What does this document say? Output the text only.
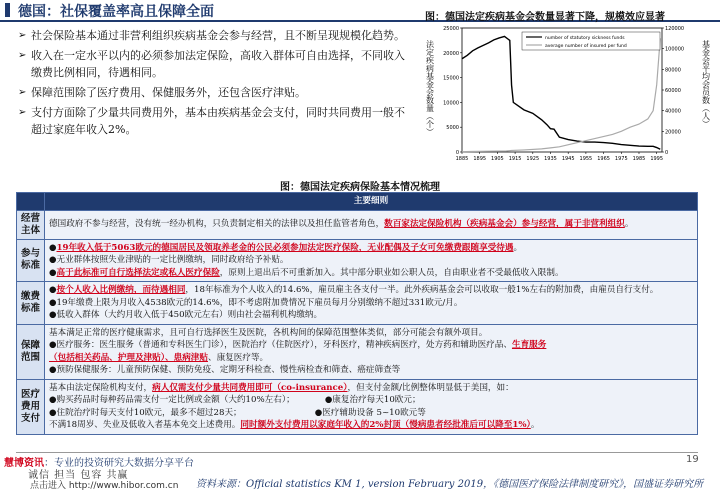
德国：社保覆盖率高且保障全面
➢ 社会保险基本通过非营利组织疾病基金会参与经营，且不断呈现规模化趋势。
➢ 收入在一定水平以内的必须参加法定保险，高收入群体可自由选择，不同收入缴费比例相同，待遇相同。
➢ 保障范围除了医疗费用、保健服务外，还包含医疗津贴。
➢ 支付方面除了少量共同费用外，基本由疾病基金会支付，同时共同费用一般不超过家庭年收入2%。
图：德国法定疾病基金会数量显著下降，规模效应显著
0
5000
10000
15000
20000
25000
0
20000
40000
60000
80000
100000
120000
1885 1895 1905 1915 1925 1935 1945 1955 1965 1975 1985 1995
number of statutory sickness funds
average number of insured per fund
法定疾病基金会数量（个）	基金会平均会员数（人）
图：德国法定疾病保险基本情况梳理
	主要细则
经营主体	德国政府不参与经营，没有统一经办机构，只负责制定相关的法律以及担任监管者角色，数百家法定保险机构（疾病基金会）参与经营，属于非营利组织。

参与标准	●19年收入低于5063欧元的德国居民及领取养老金的公民必须参加法定医疗保险，无业配偶及子女可免缴费跟随享受待遇。
●无业群体按照失业津贴的一定比例缴纳，同时政府给予补贴。
●高于此标准可自行选择法定或私人医疗保险，原则上退出后不可重新加入。其中部分职业如公职人员，自由职业者不受最低收入限制。

缴费标准	●按个人收入比例缴纳，而待遇相同，18年标准为个人收入的14.6%，雇员雇主各支付一半。此外疾病基金会可以收取一般1%左右的附加费，由雇员自行支付。
●19年缴费上限为月收入4538欧元的14.6%，即不考虑附加费情况下雇员每月分别缴纳不超过331欧元/月。
●低收入群体（大约月收入低于450欧元左右）则由社会福利机构缴纳。

保障范围	基本满足正常的医疗健康需求，且可自行选择医生及医院，各机构间的保障范围整体类似，部分可能会有额外项目。
●医疗服务：医生服务（普通和专科医生门诊），医院治疗（住院医疗），牙科医疗，精神疾病医疗，处方药和辅助医疗品、生育服务
（包括相关药品、护理及津贴）、患病津贴、康复医疗等。
●预防保健服务：儿童预防保健、预防免疫、定期牙科检查、慢性病检查和筛查、癌症筛查等

医疗费用支付	基本由法定保险机构支付，病人仅需支付少量共同费用即可（co-insurance），但支付金额/比例整体明显低于美国，如：
●购买药品时每种药品需支付一定比例或金额（大约10%左右）；　　　　●康复治疗每天10欧元；
●住院治疗时每天支付10欧元，最多不超过28天；　　　　　　　　　●医疗辅助设备 5~10欧元等
不满18周岁、失业及低收入者基本免交上述费用。同时额外支付费用以家庭年收入的2%封顶（慢病患者经批准后可以降至1%）。
慧博资讯：专业的投资研究大数据分享平台
诚信 担当 包容 共赢
点击进入 http://www.hibor.com.cn 资料来源：Official statistics KM 1, version February 2019，《德国医疗保险法律制度研究》，国盛证券研究所
19
